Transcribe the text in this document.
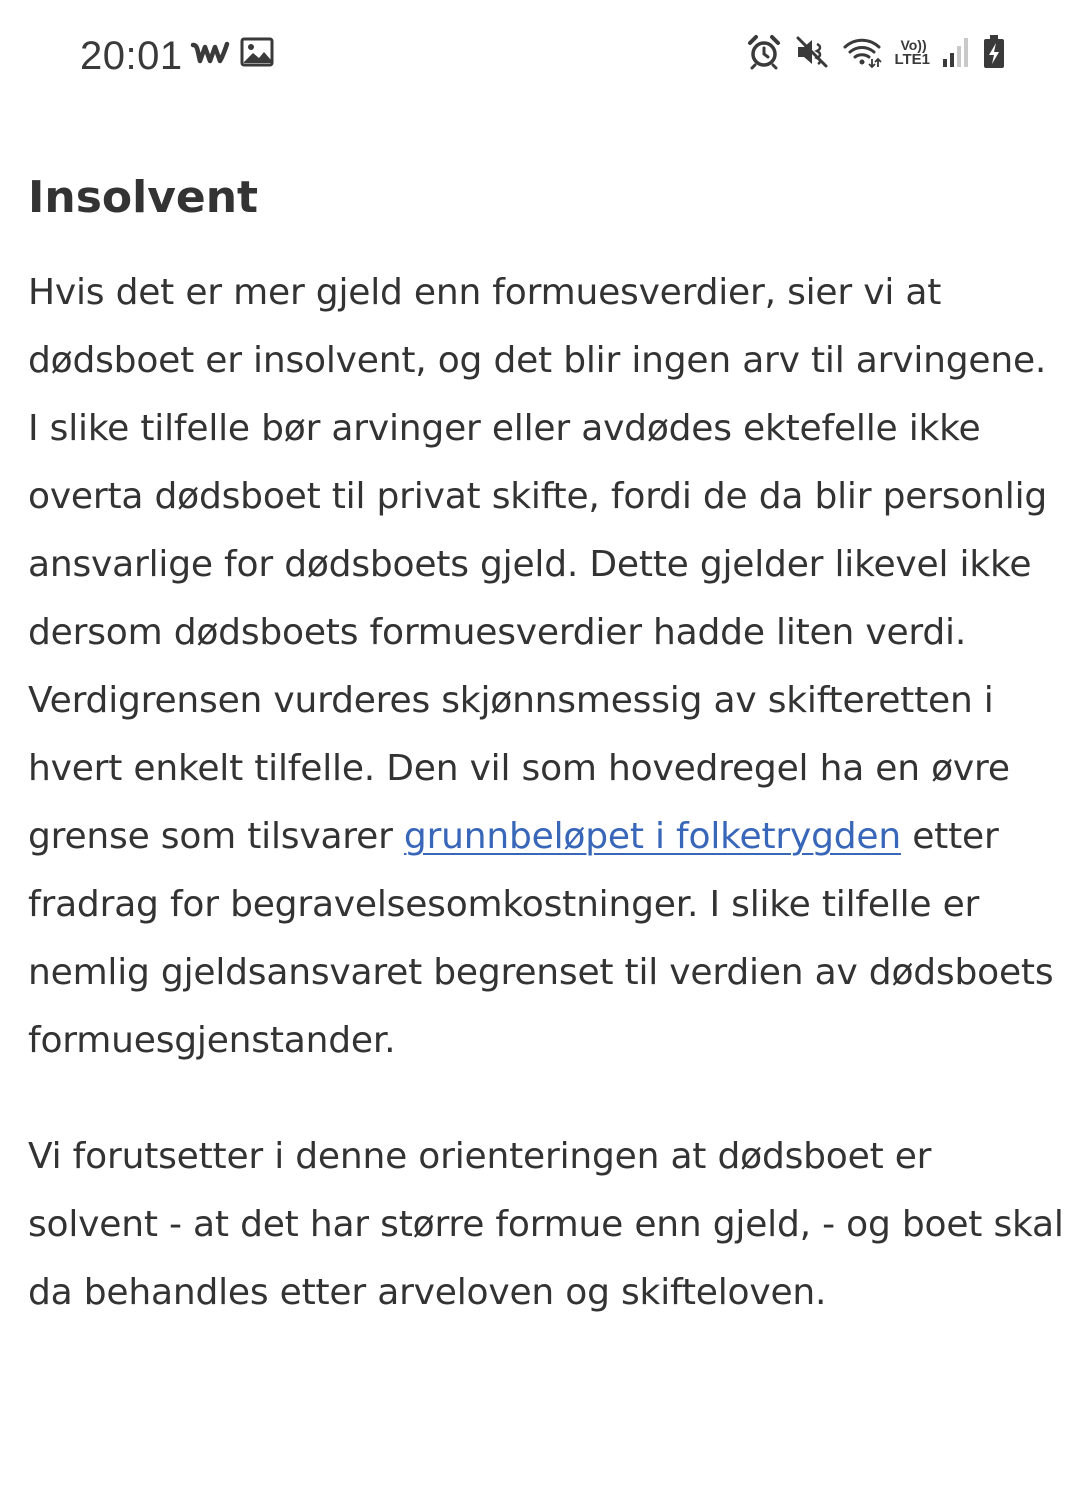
20:01	Vo))
LTE1
Insolvent

Hvis det er mer gjeld enn formuesverdier, sier vi at dødsboet er insolvent, og det blir ingen arv til arvingene. I slike tilfelle bør arvinger eller avdødes ektefelle ikke overta dødsboet til privat skifte, fordi de da blir personlig ansvarlige for dødsboets gjeld. Dette gjelder likevel ikke dersom dødsboets formuesverdier hadde liten verdi. Verdigrensen vurderes skjønnsmessig av skifteretten i hvert enkelt tilfelle. Den vil som hovedregel ha en øvre grense som tilsvarer grunnbeløpet i folketrygden etter fradrag for begravelsesomkostninger. I slike tilfelle er nemlig gjeldsansvaret begrenset til verdien av dødsboets formuesgjenstander.

Vi forutsetter i denne orienteringen at dødsboet er solvent - at det har større formue enn gjeld, - og boet skal da behandles etter arveloven og skifteloven.
